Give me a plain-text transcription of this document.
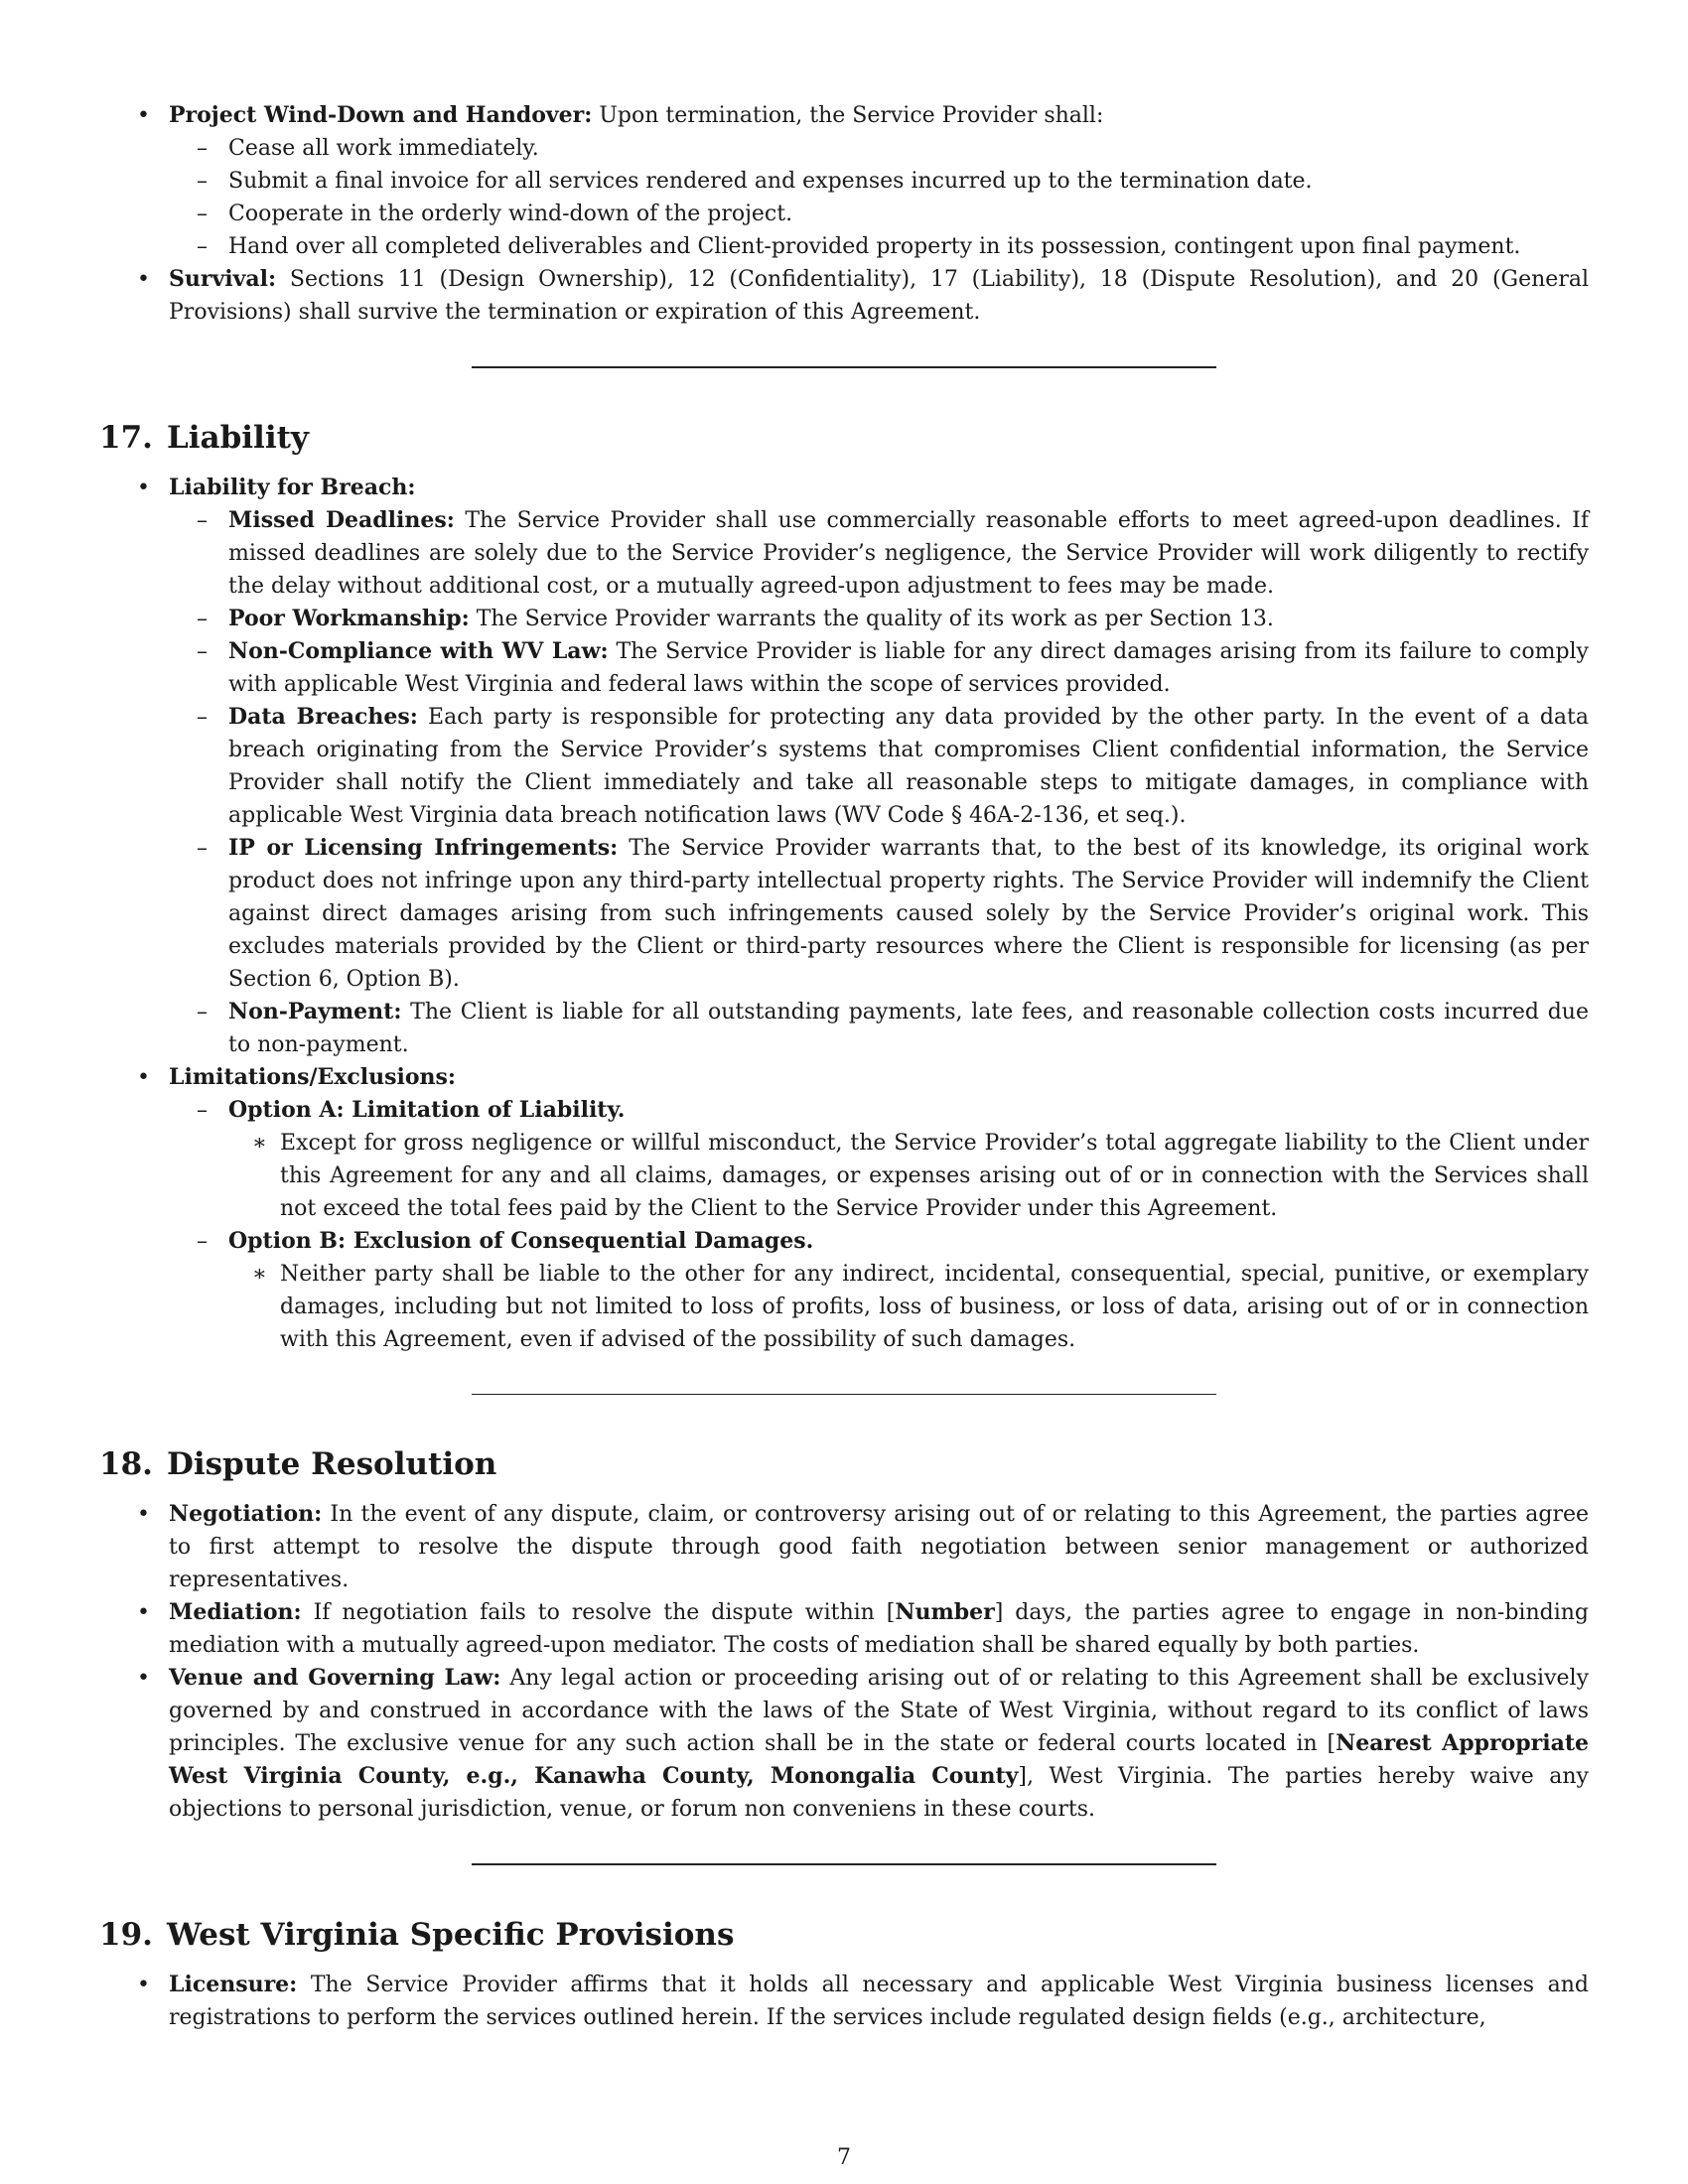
• Project Wind-Down and Handover: Upon termination, the Service Provider shall:
– Cease all work immediately.
– Submit a final invoice for all services rendered and expenses incurred up to the termination date.
– Cooperate in the orderly wind-down of the project.
– Hand over all completed deliverables and Client-provided property in its possession, contingent upon final payment.
• Survival: Sections 11 (Design Ownership), 12 (Confidentiality), 17 (Liability), 18 (Dispute Resolution), and 20 (General Provisions) shall survive the termination or expiration of this Agreement.
17. Liability
• Liability for Breach:
– Missed Deadlines: The Service Provider shall use commercially reasonable efforts to meet agreed-upon deadlines. If missed deadlines are solely due to the Service Provider’s negligence, the Service Provider will work diligently to rectify the delay without additional cost, or a mutually agreed-upon adjustment to fees may be made.
– Poor Workmanship: The Service Provider warrants the quality of its work as per Section 13.
– Non-Compliance with WV Law: The Service Provider is liable for any direct damages arising from its failure to comply with applicable West Virginia and federal laws within the scope of services provided.
– Data Breaches: Each party is responsible for protecting any data provided by the other party. In the event of a data breach originating from the Service Provider’s systems that compromises Client confidential information, the Service Provider shall notify the Client immediately and take all reasonable steps to mitigate damages, in compliance with applicable West Virginia data breach notification laws (WV Code § 46A-2-136, et seq.).
– IP or Licensing Infringements: The Service Provider warrants that, to the best of its knowledge, its original work product does not infringe upon any third-party intellectual property rights. The Service Provider will indemnify the Client against direct damages arising from such infringements caused solely by the Service Provider’s original work. This excludes materials provided by the Client or third-party resources where the Client is responsible for licensing (as per Section 6, Option B).
– Non-Payment: The Client is liable for all outstanding payments, late fees, and reasonable collection costs incurred due to non-payment.
• Limitations/Exclusions:
– Option A: Limitation of Liability.
∗ Except for gross negligence or willful misconduct, the Service Provider’s total aggregate liability to the Client under this Agreement for any and all claims, damages, or expenses arising out of or in connection with the Services shall not exceed the total fees paid by the Client to the Service Provider under this Agreement.
– Option B: Exclusion of Consequential Damages.
∗ Neither party shall be liable to the other for any indirect, incidental, consequential, special, punitive, or exemplary damages, including but not limited to loss of profits, loss of business, or loss of data, arising out of or in connection with this Agreement, even if advised of the possibility of such damages.
18. Dispute Resolution
• Negotiation: In the event of any dispute, claim, or controversy arising out of or relating to this Agreement, the parties agree to first attempt to resolve the dispute through good faith negotiation between senior management or authorized representatives.
• Mediation: If negotiation fails to resolve the dispute within [Number] days, the parties agree to engage in non-binding mediation with a mutually agreed-upon mediator. The costs of mediation shall be shared equally by both parties.
• Venue and Governing Law: Any legal action or proceeding arising out of or relating to this Agreement shall be exclusively governed by and construed in accordance with the laws of the State of West Virginia, without regard to its conflict of laws principles. The exclusive venue for any such action shall be in the state or federal courts located in [Nearest Appropriate West Virginia County, e.g., Kanawha County, Monongalia County], West Virginia. The parties hereby waive any objections to personal jurisdiction, venue, or forum non conveniens in these courts.
19. West Virginia Specific Provisions
• Licensure: The Service Provider affirms that it holds all necessary and applicable West Virginia business licenses and registrations to perform the services outlined herein. If the services include regulated design fields (e.g., architecture,
7
